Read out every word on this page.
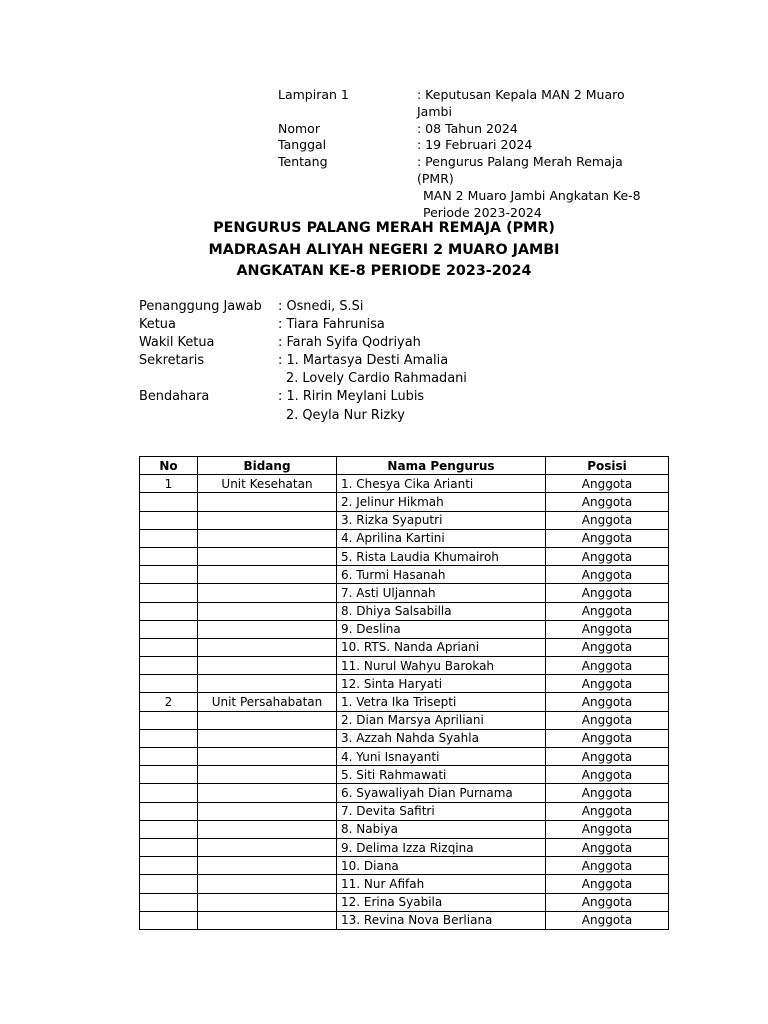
Lampiran 1	: Keputusan Kepala MAN 2 Muaro Jambi
Nomor	: 08 Tahun 2024
Tanggal	: 19 Februari 2024
Tentang	: Pengurus Palang Merah Remaja (PMR)
MAN 2 Muaro Jambi Angkatan Ke-8
Periode 2023-2024
PENGURUS PALANG MERAH REMAJA (PMR)
MADRASAH ALIYAH NEGERI 2 MUARO JAMBI
ANGKATAN KE-8 PERIODE 2023-2024
Penanggung Jawab	: Osnedi, S.Si
Ketua	: Tiara Fahrunisa
Wakil Ketua	: Farah Syifa Qodriyah
Sekretaris	: 1. Martasya Desti Amalia
2. Lovely Cardio Rahmadani
Bendahara	: 1. Ririn Meylani Lubis
2. Qeyla Nur Rizky
No	Bidang	Nama Pengurus	Posisi
1	Unit Kesehatan	1. Chesya Cika Arianti	Anggota
		2. Jelinur Hikmah	Anggota
		3. Rizka Syaputri	Anggota
		4. Aprilina Kartini	Anggota
		5. Rista Laudia Khumairoh	Anggota
		6. Turmi Hasanah	Anggota
		7. Asti Uljannah	Anggota
		8. Dhiya Salsabilla	Anggota
		9. Deslina	Anggota
		10. RTS. Nanda Apriani	Anggota
		11. Nurul Wahyu Barokah	Anggota
		12. Sinta Haryati	Anggota
2	Unit Persahabatan	1. Vetra Ika Trisepti	Anggota
		2. Dian Marsya Apriliani	Anggota
		3. Azzah Nahda Syahla	Anggota
		4. Yuni Isnayanti	Anggota
		5. Siti Rahmawati	Anggota
		6. Syawaliyah Dian Purnama	Anggota
		7. Devita Safitri	Anggota
		8. Nabiya	Anggota
		9. Delima Izza Rizqina	Anggota
		10. Diana	Anggota
		11. Nur Afifah	Anggota
		12. Erina Syabila	Anggota
		13. Revina Nova Berliana	Anggota
